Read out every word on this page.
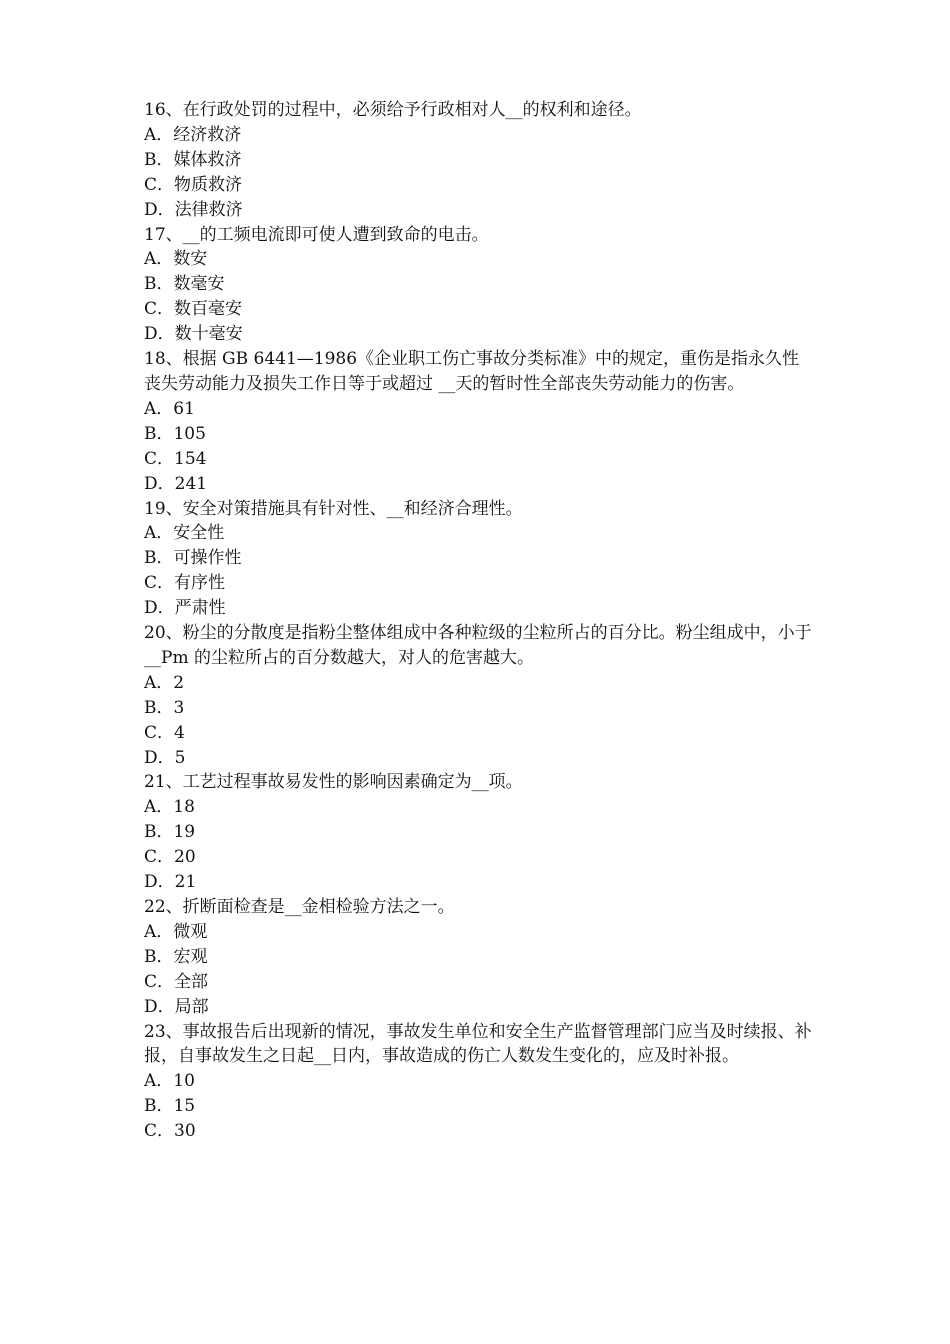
16、在行政处罚的过程中，必须给予行政相对人__的权利和途径。
A．经济救济
B．媒体救济
C．物质救济
D．法律救济
17、__的工频电流即可使人遭到致命的电击。
A．数安
B．数毫安
C．数百毫安
D．数十毫安
18、根据 GB 6441—1986《企业职工伤亡事故分类标准》中的规定，重伤是指永久性丧失劳动能力及损失工作日等于或超过 __天的暂时性全部丧失劳动能力的伤害。
A．61
B．105
C．154
D．241
19、安全对策措施具有针对性、__和经济合理性。
A．安全性
B．可操作性
C．有序性
D．严肃性
20、粉尘的分散度是指粉尘整体组成中各种粒级的尘粒所占的百分比。粉尘组成中，小于__Pm 的尘粒所占的百分数越大，对人的危害越大。
A．2
B．3
C．4
D．5
21、工艺过程事故易发性的影响因素确定为__项。
A．18
B．19
C．20
D．21
22、折断面检查是__金相检验方法之一。
A．微观
B．宏观
C．全部
D．局部
23、事故报告后出现新的情况，事故发生单位和安全生产监督管理部门应当及时续报、补报，自事故发生之日起__日内，事故造成的伤亡人数发生变化的，应及时补报。
A．10
B．15
C．30
